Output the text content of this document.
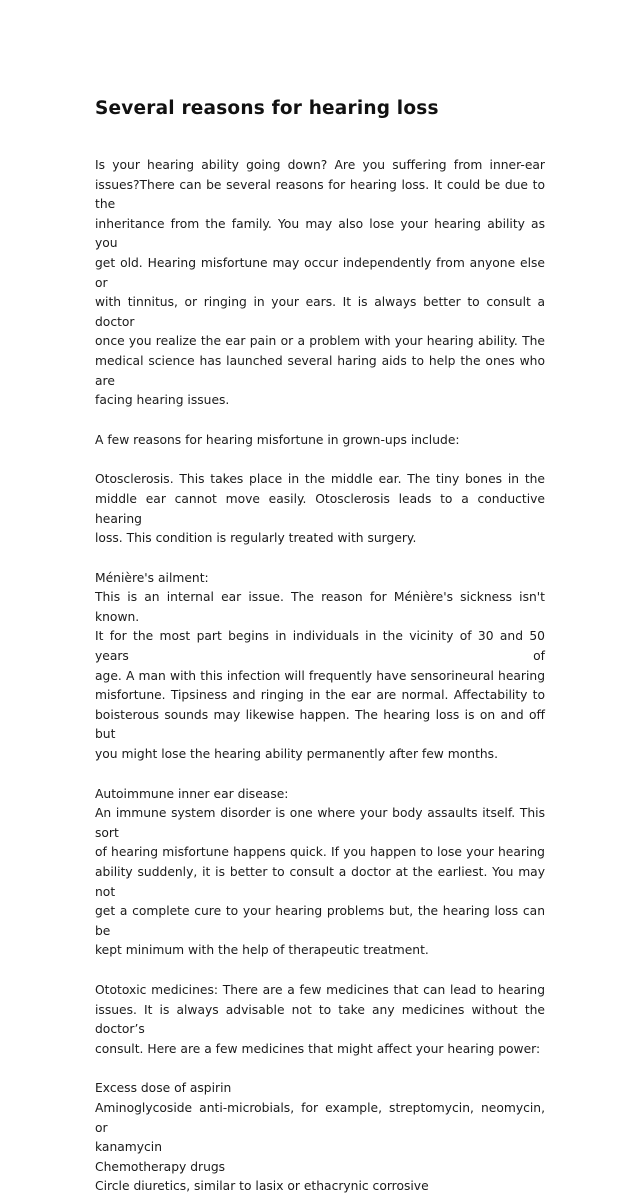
Several reasons for hearing loss

Is your hearing ability going down? Are you suffering from inner-ear
issues?There can be several reasons for hearing loss. It could be due to the
inheritance from the family. You may also lose your hearing ability as you
get old. Hearing misfortune may occur independently from anyone else or
with tinnitus, or ringing in your ears. It is always better to consult a doctor
once you realize the ear pain or a problem with your hearing ability. The
medical science has launched several haring aids to help the ones who are
facing hearing issues.

A few reasons for hearing misfortune in grown-ups include:

Otosclerosis. This takes place in the middle ear. The tiny bones in the
middle ear cannot move easily. Otosclerosis leads to a conductive hearing
loss. This condition is regularly treated with surgery.

Ménière's ailment:
This is an internal ear issue. The reason for Ménière's sickness isn't known.
It for the most part begins in individuals in the vicinity of 30 and 50 years of
age. A man with this infection will frequently have sensorineural hearing
misfortune. Tipsiness and ringing in the ear are normal. Affectability to
boisterous sounds may likewise happen. The hearing loss is on and off but
you might lose the hearing ability permanently after few months.

Autoimmune inner ear disease:
An immune system disorder is one where your body assaults itself. This sort
of hearing misfortune happens quick. If you happen to lose your hearing
ability suddenly, it is better to consult a doctor at the earliest. You may not
get a complete cure to your hearing problems but, the hearing loss can be
kept minimum with the help of therapeutic treatment.

Ototoxic medicines: There are a few medicines that can lead to hearing
issues. It is always advisable not to take any medicines without the doctor’s
consult. Here are a few medicines that might affect your hearing power:

Excess dose of aspirin
Aminoglycoside anti-microbials, for example, streptomycin, neomycin, or
kanamycin
Chemotherapy drugs
Circle diuretics, similar to lasix or ethacrynic corrosive
